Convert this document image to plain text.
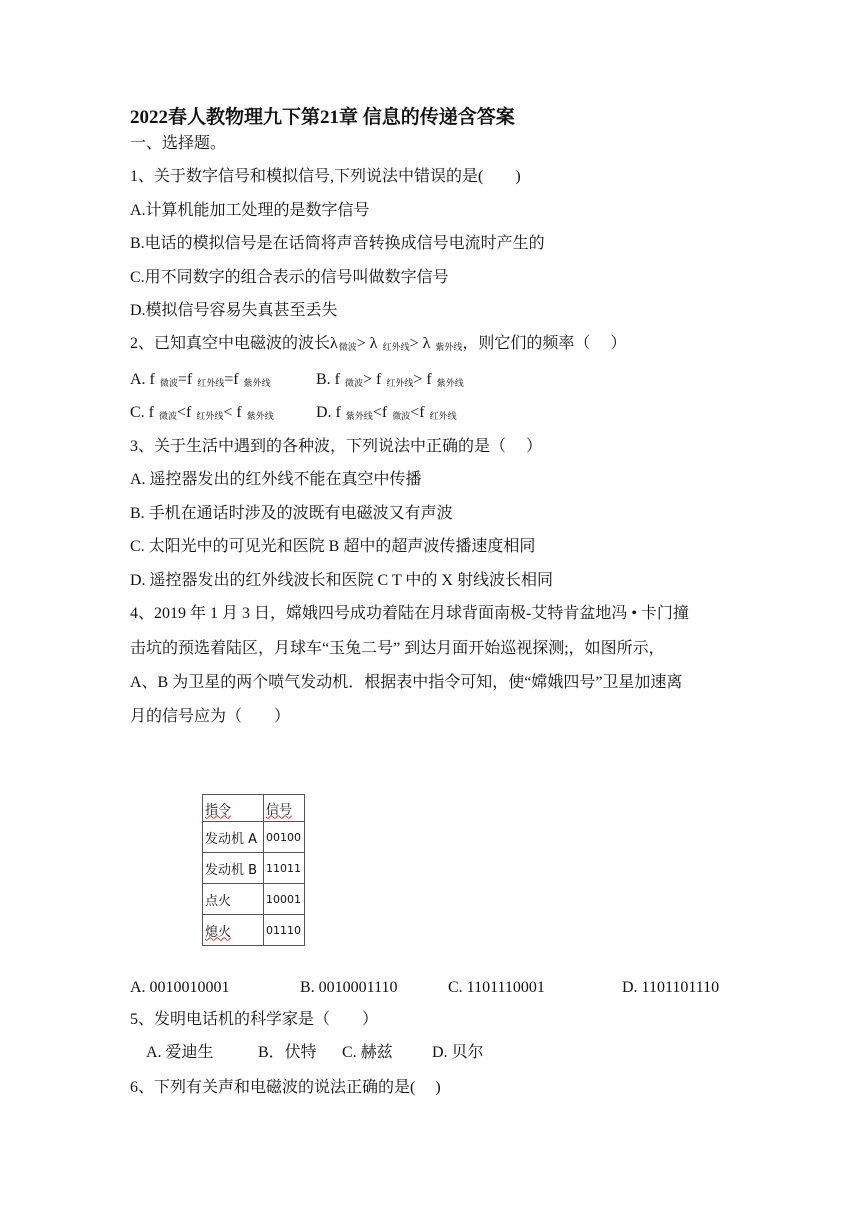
2022春人教物理九下第21章 信息的传递含答案
一、选择题。
1、关于数字信号和模拟信号,下列说法中错误的是(　　)
A.计算机能加工处理的是数字信号
B.电话的模拟信号是在话筒将声音转换成信号电流时产生的
C.用不同数字的组合表示的信号叫做数字信号
D.模拟信号容易失真甚至丢失
2、已知真空中电磁波的波长$\lambda_{微波}> \lambda$ $_{红外线}$> λ $_{紫外线}$，则它们的频率（　 ）
A. f $_{微波}$=f $_{红外线}$=f $_{紫外线}$	B. f $_{微波}$> f $_{红外线}$> f $_{紫外线}$
C. f $_{微波}$<f $_{红外线}$< f $_{紫外线}$	D. f $_{紫外线}$<f $_{微波}$<f $_{红外线}$
3、关于生活中遇到的各种波，下列说法中正确的是（　 ）
A. 遥控器发出的红外线不能在真空中传播
B. 手机在通话时涉及的波既有电磁波又有声波
C. 太阳光中的可见光和医院 B 超中的超声波传播速度相同
D. 遥控器发出的红外线波长和医院 C T 中的 X 射线波长相同
4、2019 年 1 月 3 日，嫦娥四号成功着陆在月球背面南极-艾特肯盆地冯 • 卡门撞
击坑的预选着陆区，月球车“玉兔二号” 到达月面开始巡视探测;，如图所示，
A、B 为卫星的两个喷气发动机．根据表中指令可知，使“嫦娥四号”卫星加速离
月的信号应为（　　）
指令	信号
发动机 A	00100
发动机 B	11011
点火	10001
熄火	01110
A. 0010010001	B. 0010001110	C. 1101110001	D. 1101101110
5、发明电话机的科学家是（　　）
A. 爱迪生	B．伏特 C. 赫兹 D. 贝尔
6、下列有关声和电磁波的说法正确的是(　 )
